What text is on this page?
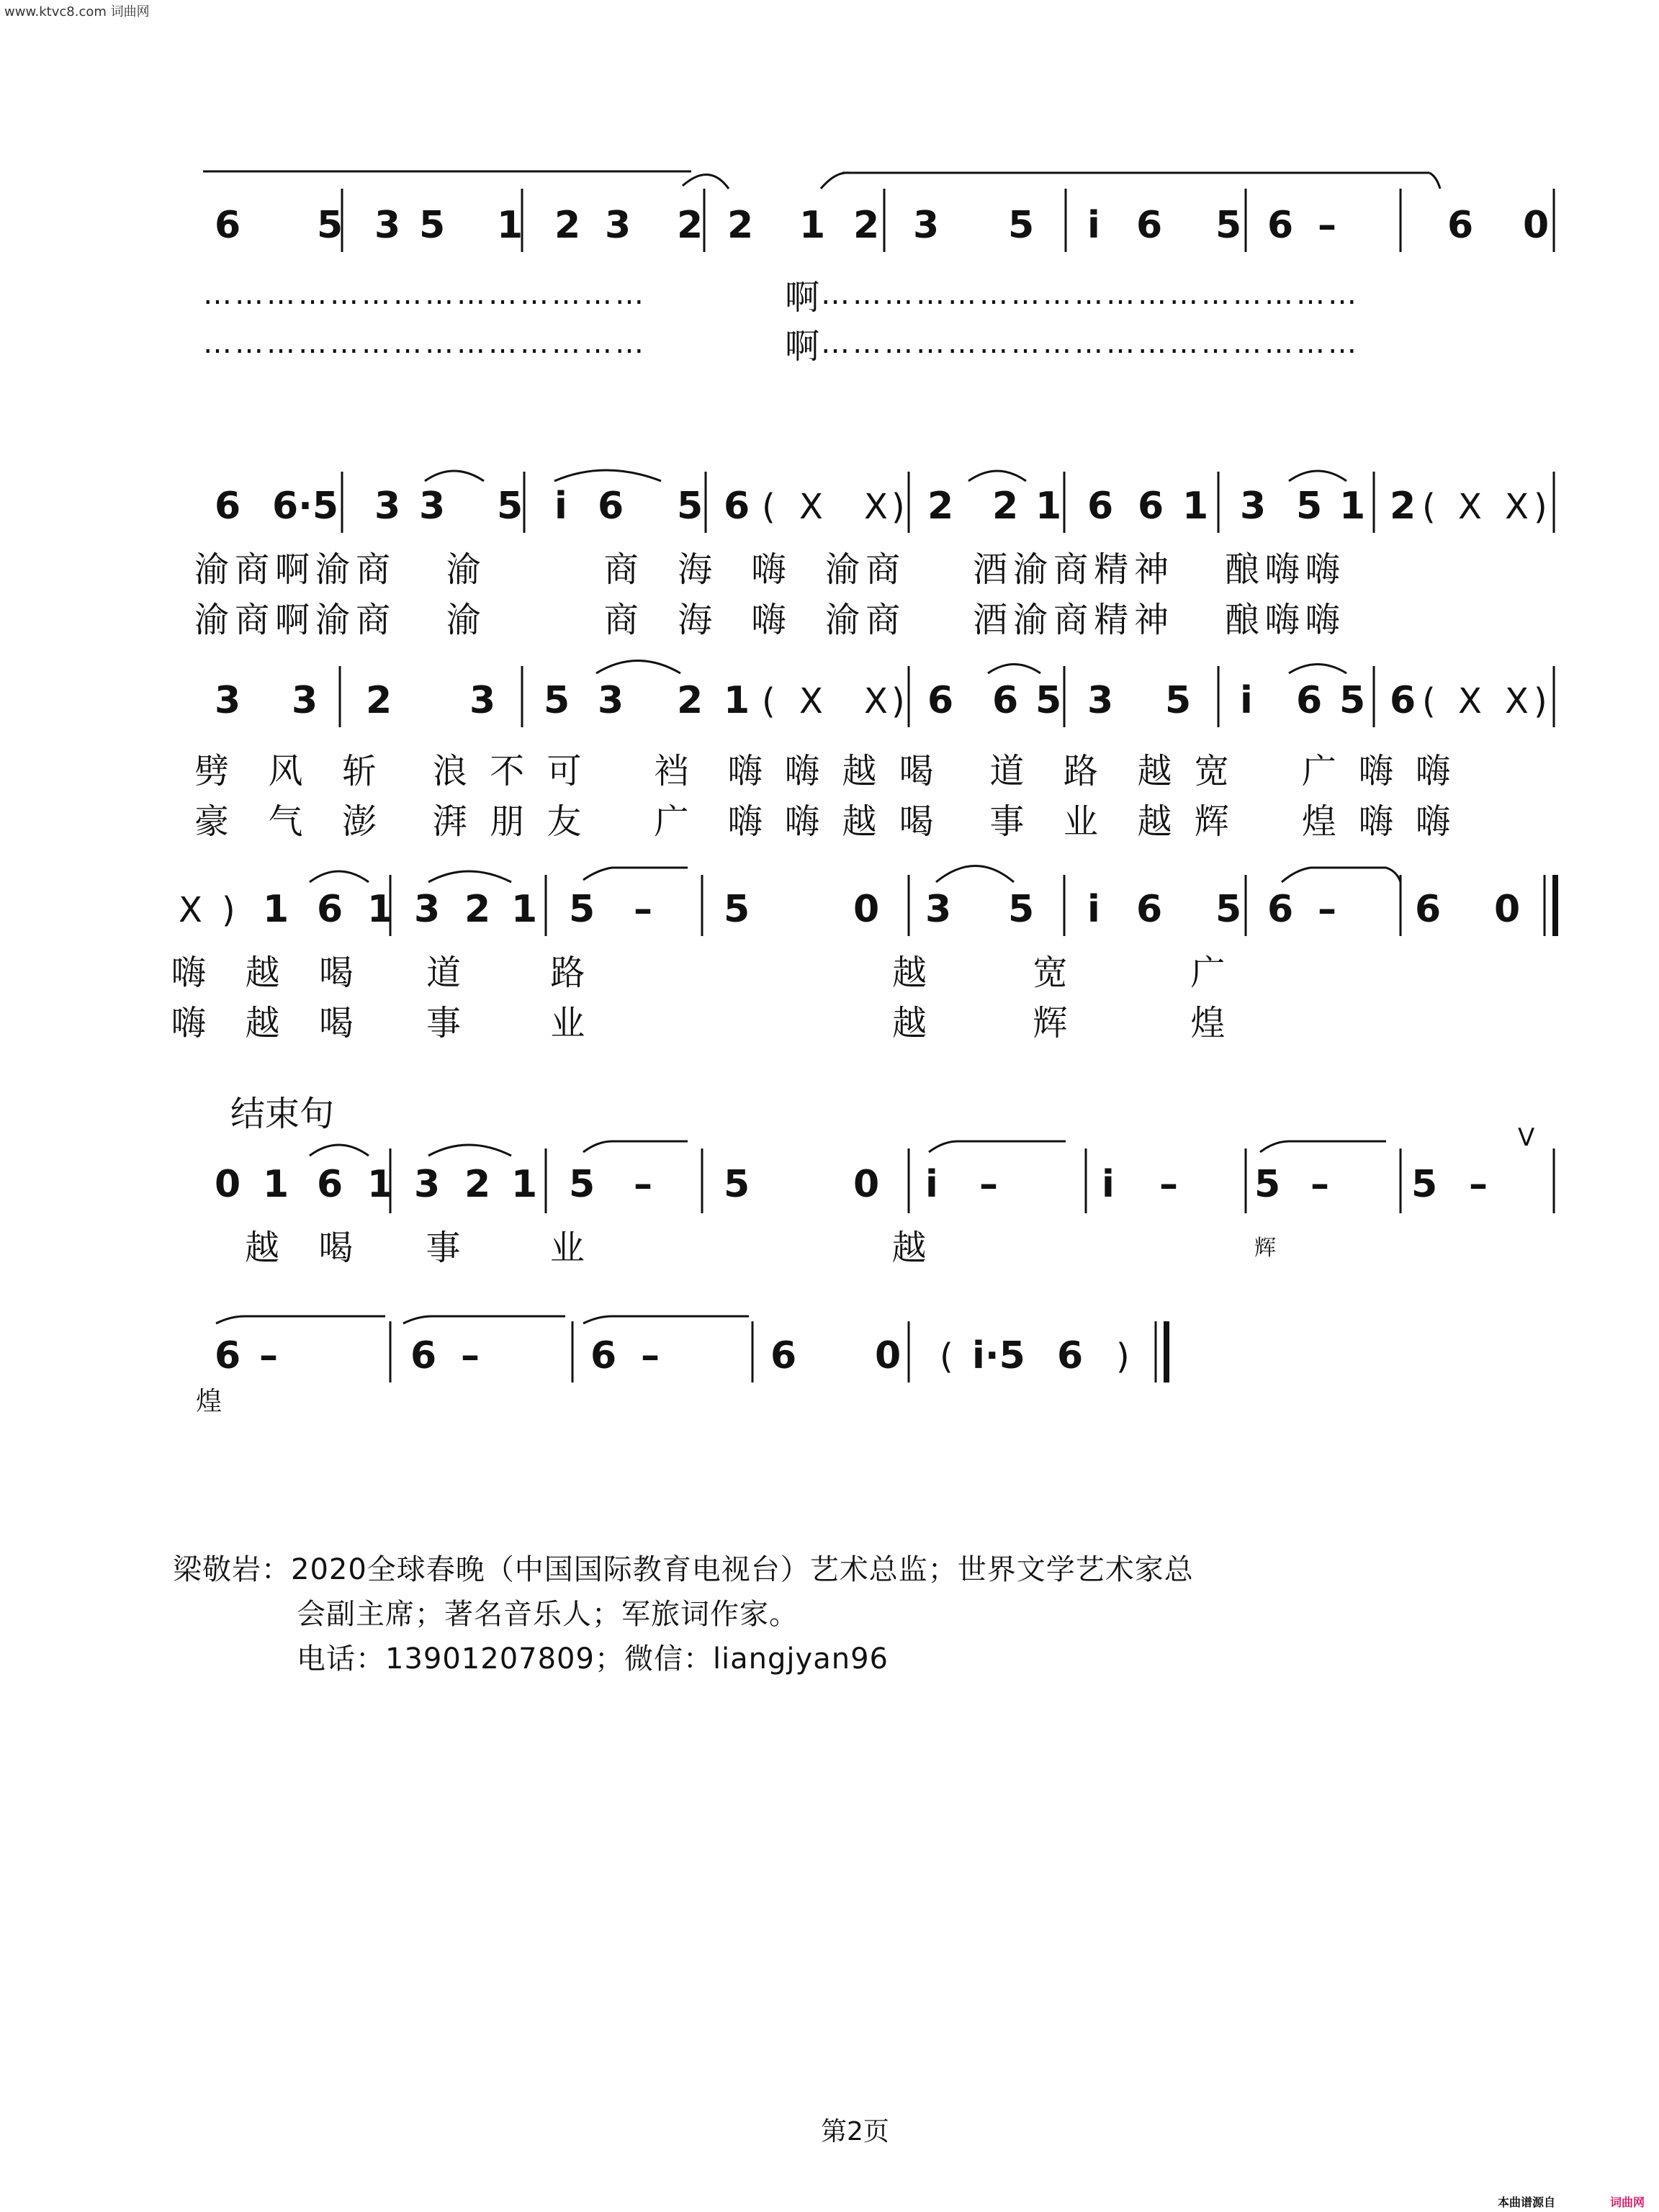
www.ktvc8.com 词曲网
6 5 3 5 1 2 3 2 2 1 2 3 5 i 6 5 6 –	6 0
6 6·5 3 3 5 i 6 5 6 ( X X ) 2 2 1 6 6 1 3 5 1 2 ( X X )
3 3 2 3 5 3 2 1 ( X X ) 6 6 5 3 5 i 6 5 6 ( X X )
X ) 1 6 1 3 2 1 5 – 5	0 3 5 i 6 5 6 – 6 0
0 1 6 1 3 2 1 5 – 5	0 i –	i – 5 – 5 –
6 –	6 –	6 –	6 0 ( i·5 6 )
……………………………………	啊
……………………………………………
……………………………………	啊
……………………………………………
渝商啊渝商   渝       商  海  嗨  渝商    酒渝商精神   酿嗨嗨
渝商啊渝商   渝       商  海  嗨  渝商    酒渝商精神   酿嗨嗨
劈  风  斩   浪 不 可    裆  嗨 嗨 越 喝   道  路  越 宽    广 嗨 嗨
豪  气  澎   湃 朋 友    广  嗨 嗨 越 喝   事  业  越 辉    煌 嗨 嗨
嗨  越  喝    道     路                  越      宽       广
嗨  越  喝    事     业                  越      辉       煌
结束句
V
越  喝    事     业                  越	辉
煌
梁敬岩：2020全球春晚（中国国际教育电视台）艺术总监；世界文学艺术家总
会副主席；著名音乐人；军旅词作家。
电话：13901207809；微信：liangjyan96
第2页
本曲谱源自	词曲网
